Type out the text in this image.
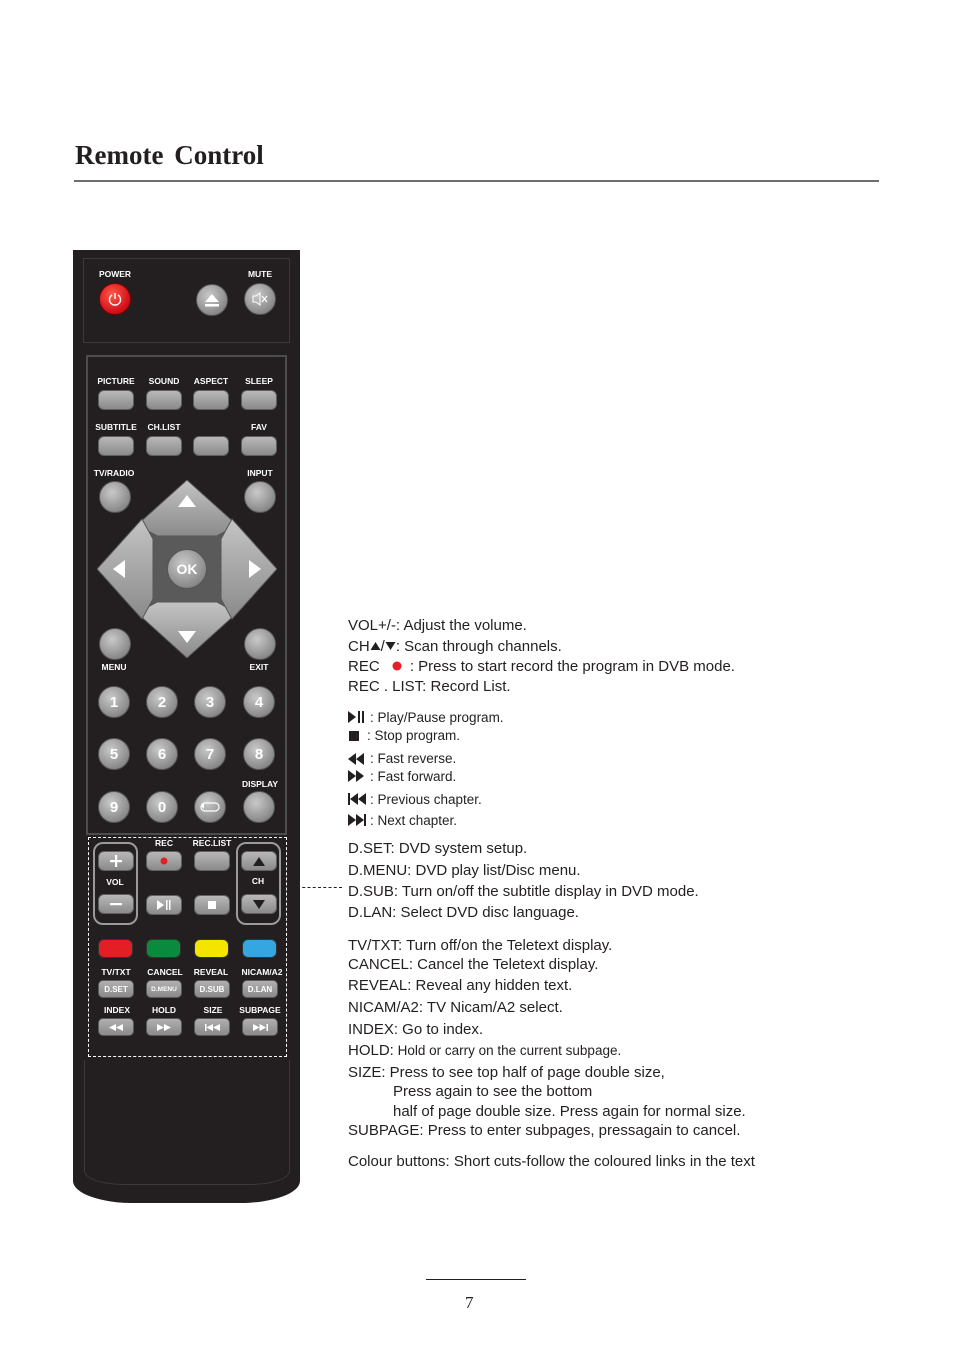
Remote Control
POWER	MUTE
PICTURE SOUND ASPECT SLEEP
SUBTITLE CH.LIST	FAV
TV/RADIO	INPUT
OK
MENU	EXIT
1	2	3	4
5	6	7	8
DISPLAY
9	0
VOL
REC REC.LIST
CH
TV/TXT CANCEL REVEAL NICAM/A2
D.SET	D.MENU	D.SUB	D.LAN
INDEX	HOLD	SIZE SUBPAGE
VOL+/-: Adjust the volume.
CH / : Scan through channels.
REC : Press to start record the program in DVB mode.
REC . LIST: Record List.
: Play/Pause program.
: Stop program.
: Fast reverse.
: Fast forward.
: Previous chapter.
: Next chapter.
D.SET: DVD system setup.
D.MENU: DVD play list/Disc menu.
D.SUB: Turn on/off the subtitle display in DVD mode.
D.LAN: Select DVD disc language.
TV/TXT: Turn off/on the Teletext display.
CANCEL: Cancel the Teletext display.
REVEAL: Reveal any hidden text.
NICAM/A2: TV Nicam/A2 select.
INDEX: Go to index.
HOLD: Hold or carry on the current subpage.
SIZE: Press to see top half of page double size,
Press again to see the bottom
half of page double size. Press again for normal size.
SUBPAGE: Press to enter subpages, pressagain to cancel.
Colour buttons: Short cuts-follow the coloured links in the text
7
